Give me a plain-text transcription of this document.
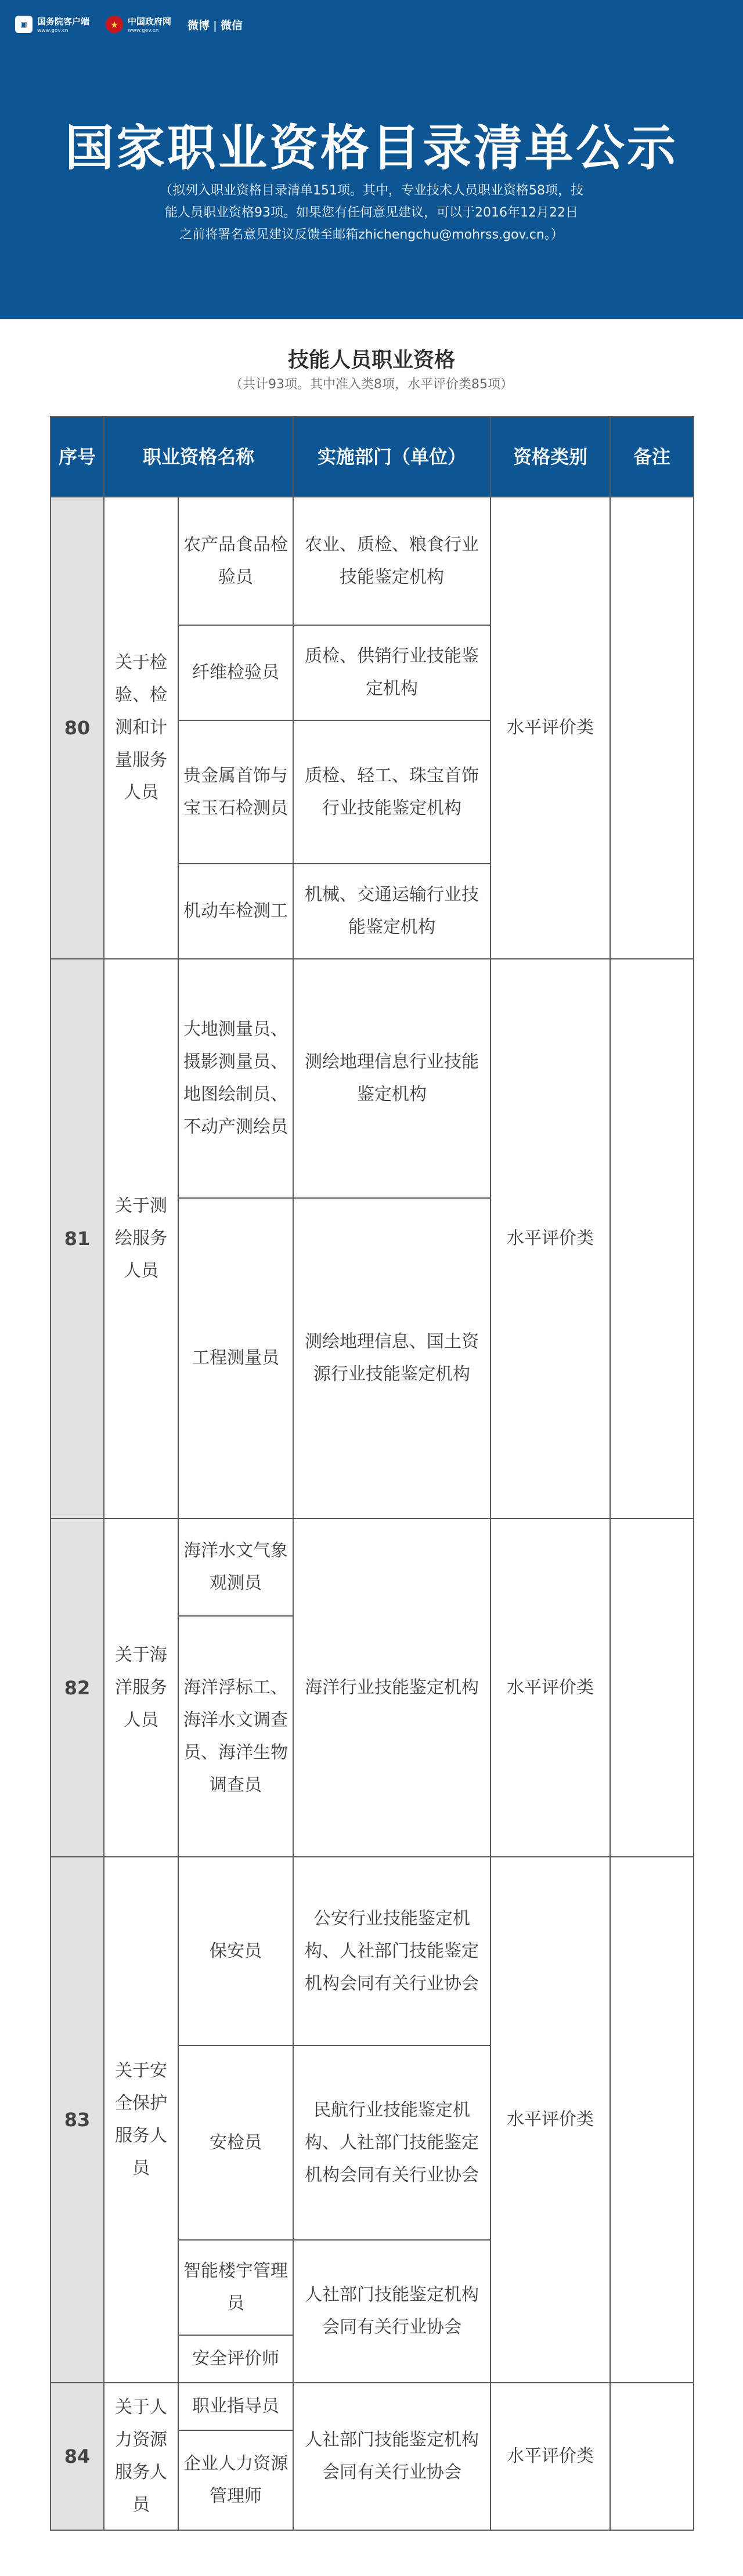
▣	国务院客户端
www.gov.cn
★	中国政府网
www.gov.cn	微博 | 微信
国家职业资格目录清单公示
（拟列入职业资格目录清单151项。其中，专业技术人员职业资格58项，技
能人员职业资格93项。如果您有任何意见建议，可以于2016年12月22日
之前将署名意见建议反馈至邮箱zhichengchu@mohrss.gov.cn。）
技能人员职业资格
（共计93项。其中准入类8项，水平评价类85项）
序号	职业资格名称		实施部门（单位）	资格类别	备注
80	关于检验、检测和计量服务人员	农产品食品检验员	农业、质检、粮食行业技能鉴定机构	水平评价类	
		纤维检验员	质检、供销行业技能鉴定机构		
		贵金属首饰与宝玉石检测员	质检、轻工、珠宝首饰行业技能鉴定机构		
		机动车检测工	机械、交通运输行业技能鉴定机构		
81	关于测绘服务人员	大地测量员、摄影测量员、地图绘制员、不动产测绘员	测绘地理信息行业技能鉴定机构	水平评价类	
		工程测量员	测绘地理信息、国土资源行业技能鉴定机构		
82	关于海洋服务人员	海洋水文气象观测员	海洋行业技能鉴定机构	水平评价类	
		海洋浮标工、海洋水文调查员、海洋生物调查员			
83	关于安全保护服务人员	保安员	公安行业技能鉴定机构、人社部门技能鉴定机构会同有关行业协会	水平评价类	
		安检员	民航行业技能鉴定机构、人社部门技能鉴定机构会同有关行业协会		
		智能楼宇管理员	人社部门技能鉴定机构会同有关行业协会		
		安全评价师			
84	关于人力资源服务人员	职业指导员	人社部门技能鉴定机构会同有关行业协会	水平评价类	
		企业人力资源管理师			
